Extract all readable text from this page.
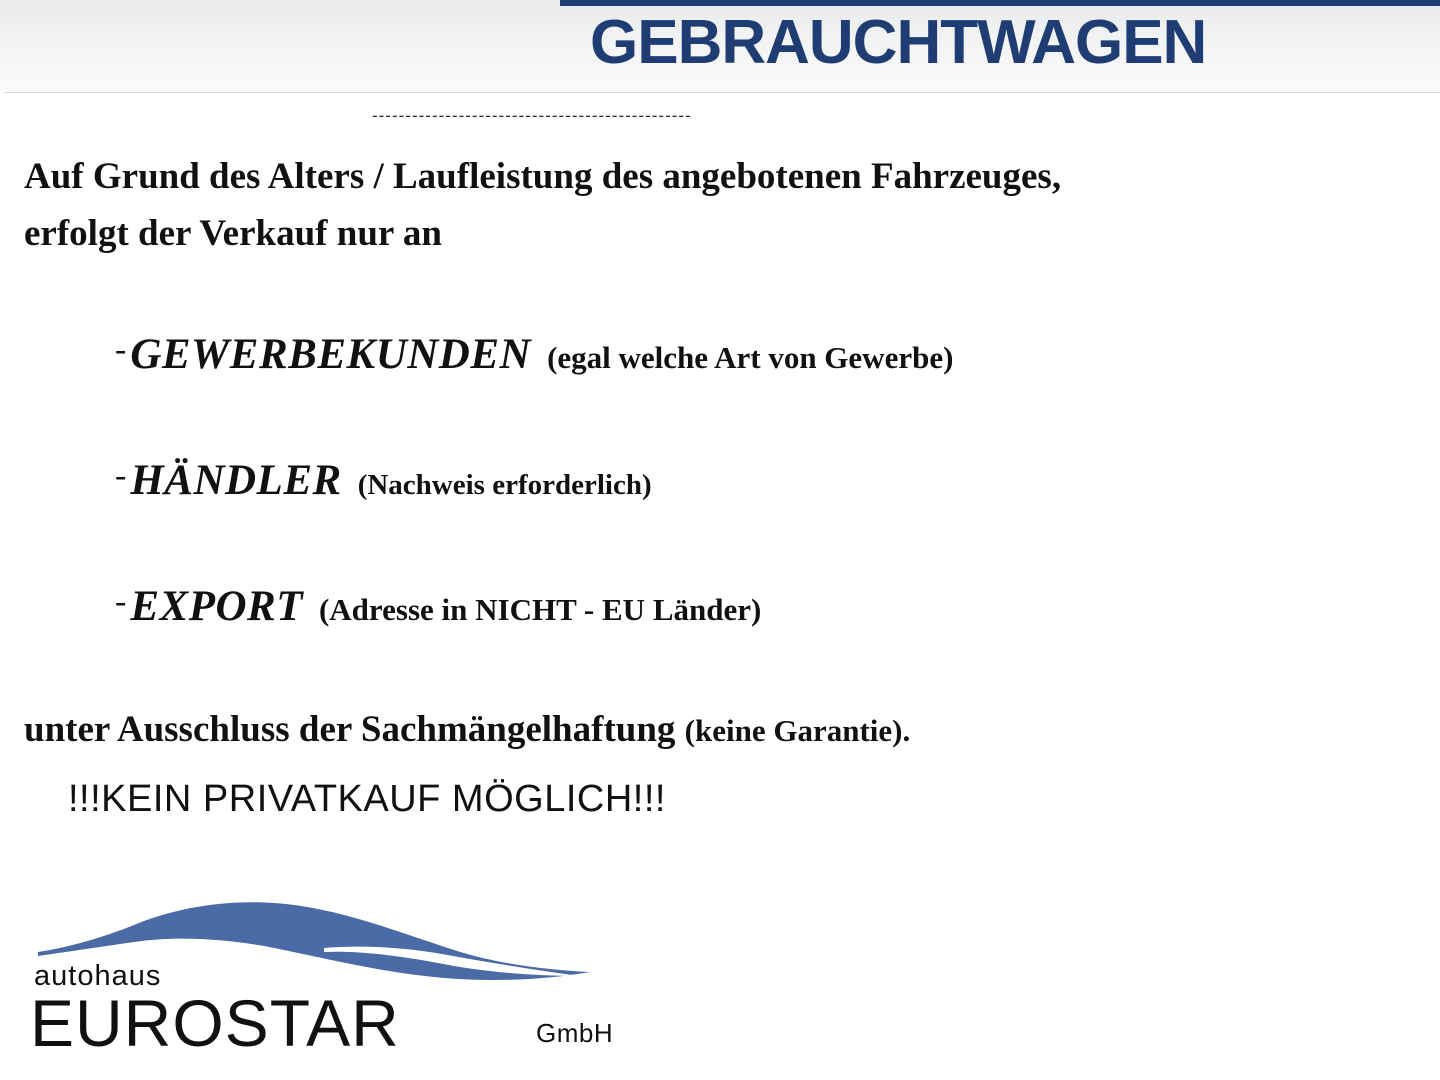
GEBRAUCHTWAGEN
------------------------------------------------
Auf Grund des Alters / Laufleistung des angebotenen Fahrzeuges,
erfolgt der Verkauf nur an
- GEWERBEKUNDEN (egal welche Art von Gewerbe)
- HÄNDLER (Nachweis erforderlich)
- EXPORT (Adresse in NICHT - EU Länder)
unter Ausschluss der Sachmängelhaftung (keine Garantie).
!!!KEIN PRIVATKAUF MÖGLICH!!!
autohaus
EUROSTAR	GmbH
